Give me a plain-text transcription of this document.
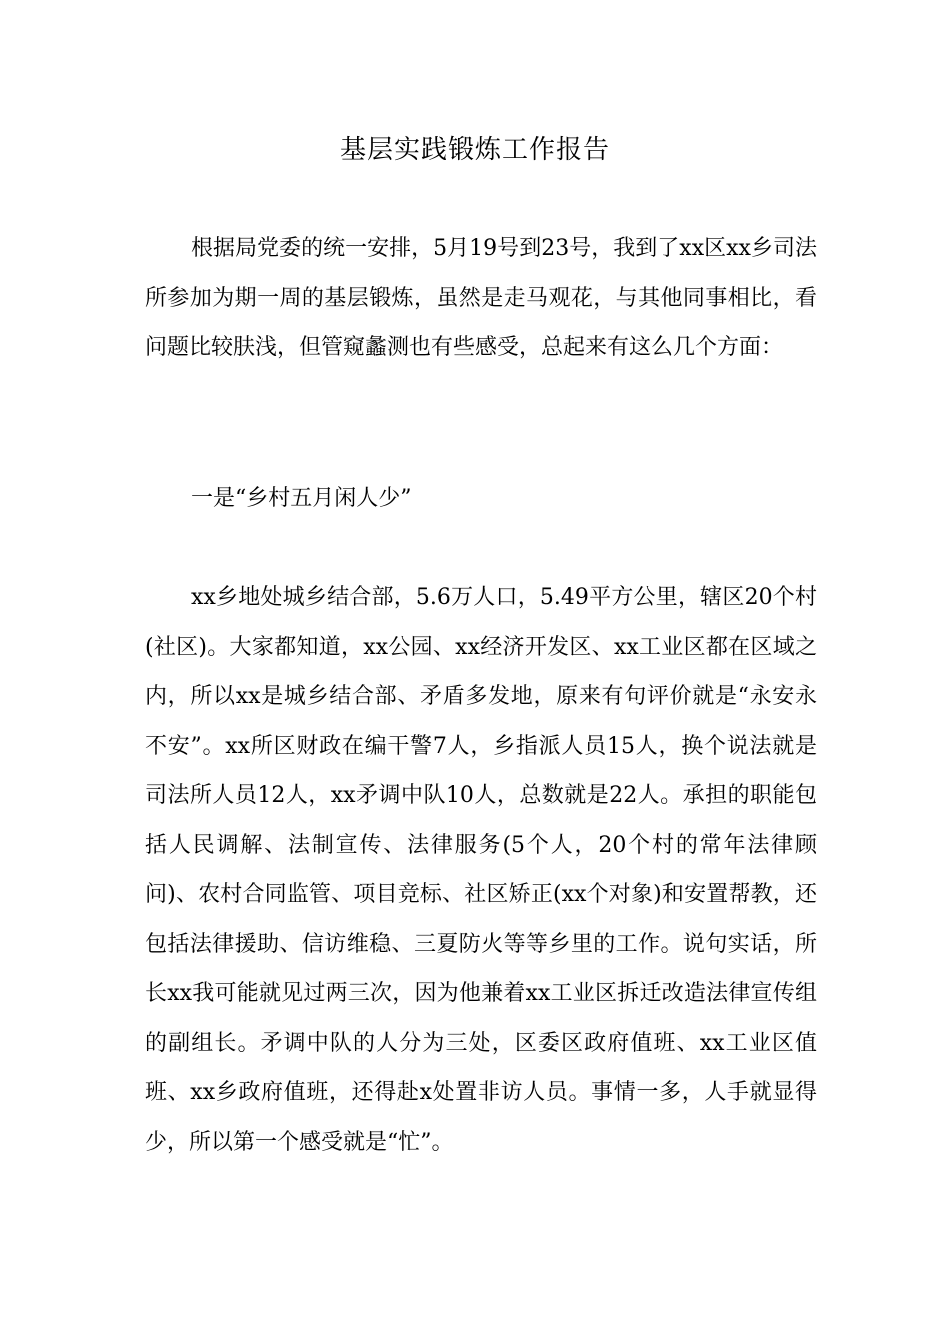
基层实践锻炼工作报告

根据局党委的统一安排，5月19号到23号，我到了xx区xx乡司法所参加为期一周的基层锻炼，虽然是走马观花，与其他同事相比，看问题比较肤浅，但管窥蠡测也有些感受，总起来有这么几个方面：

一是“乡村五月闲人少”

xx乡地处城乡结合部，5.6万人口，5.49平方公里，辖区20个村(社区)。大家都知道，xx公园、xx经济开发区、xx工业区都在区域之内，所以xx是城乡结合部、矛盾多发地，原来有句评价就是“永安永不安”。xx所区财政在编干警7人，乡指派人员15人，换个说法就是司法所人员12人，xx矛调中队10人，总数就是22人。承担的职能包括人民调解、法制宣传、法律服务(5个人，20个村的常年法律顾问)、农村合同监管、项目竞标、社区矫正(xx个对象)和安置帮教，还包括法律援助、信访维稳、三夏防火等等乡里的工作。说句实话，所长xx我可能就见过两三次，因为他兼着xx工业区拆迁改造法律宣传组的副组长。矛调中队的人分为三处，区委区政府值班、xx工业区值班、xx乡政府值班，还得赴x处置非访人员。事情一多，人手就显得少，所以第一个感受就是“忙”。
